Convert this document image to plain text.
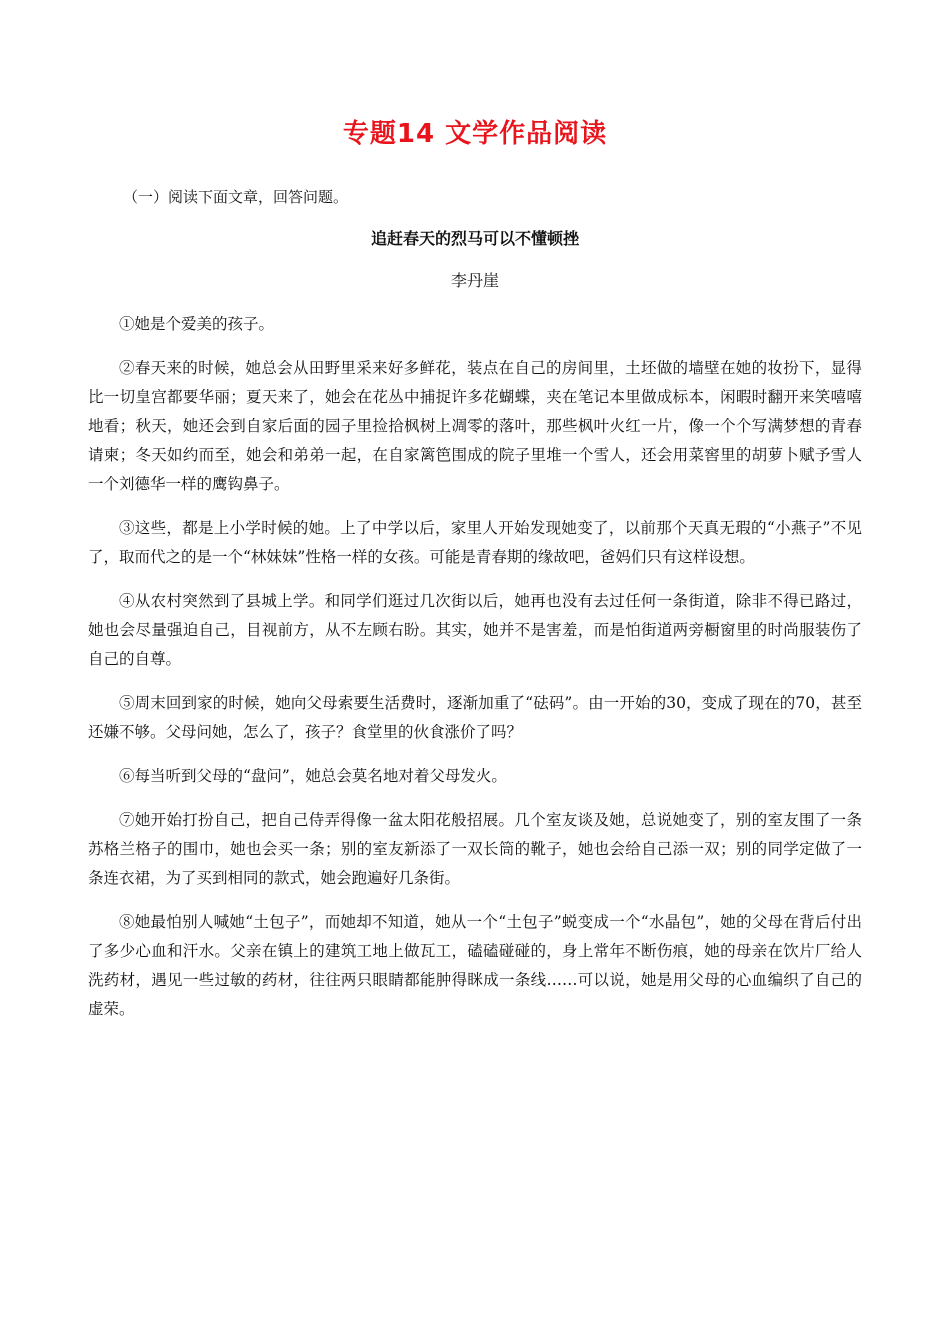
专题14 文学作品阅读
（一）阅读下面文章，回答问题。
追赶春天的烈马可以不懂顿挫
李丹崖

①她是个爱美的孩子。

②春天来的时候，她总会从田野里采来好多鲜花，装点在自己的房间里，土坯做的墙壁在她的妆扮下，显得比一切皇宫都要华丽；夏天来了，她会在花丛中捕捉许多花蝴蝶，夹在笔记本里做成标本，闲暇时翻开来笑嘻嘻地看；秋天，她还会到自家后面的园子里捡拾枫树上凋零的落叶，那些枫叶火红一片，像一个个写满梦想的青春请柬；冬天如约而至，她会和弟弟一起，在自家篱笆围成的院子里堆一个雪人，还会用菜窖里的胡萝卜赋予雪人一个刘德华一样的鹰钩鼻子。

③这些，都是上小学时候的她。上了中学以后，家里人开始发现她变了，以前那个天真无瑕的“小燕子”不见了，取而代之的是一个“林妹妹”性格一样的女孩。可能是青春期的缘故吧，爸妈们只有这样设想。

④从农村突然到了县城上学。和同学们逛过几次街以后，她再也没有去过任何一条街道，除非不得已路过，她也会尽量强迫自己，目视前方，从不左顾右盼。其实，她并不是害羞，而是怕街道两旁橱窗里的时尚服装伤了自己的自尊。

⑤周末回到家的时候，她向父母索要生活费时，逐渐加重了“砝码”。由一开始的30，变成了现在的70，甚至还嫌不够。父母问她，怎么了，孩子？食堂里的伙食涨价了吗？

⑥每当听到父母的“盘问”，她总会莫名地对着父母发火。

⑦她开始打扮自己，把自己侍弄得像一盆太阳花般招展。几个室友谈及她，总说她变了，别的室友围了一条苏格兰格子的围巾，她也会买一条；别的室友新添了一双长筒的靴子，她也会给自己添一双；别的同学定做了一条连衣裙，为了买到相同的款式，她会跑遍好几条街。

⑧她最怕别人喊她“土包子”，而她却不知道，她从一个“土包子”蜕变成一个“水晶包”，她的父母在背后付出了多少心血和汗水。父亲在镇上的建筑工地上做瓦工，磕磕碰碰的，身上常年不断伤痕，她的母亲在饮片厂给人洗药材，遇见一些过敏的药材，往往两只眼睛都能肿得眯成一条线……可以说，她是用父母的心血编织了自己的虚荣。
